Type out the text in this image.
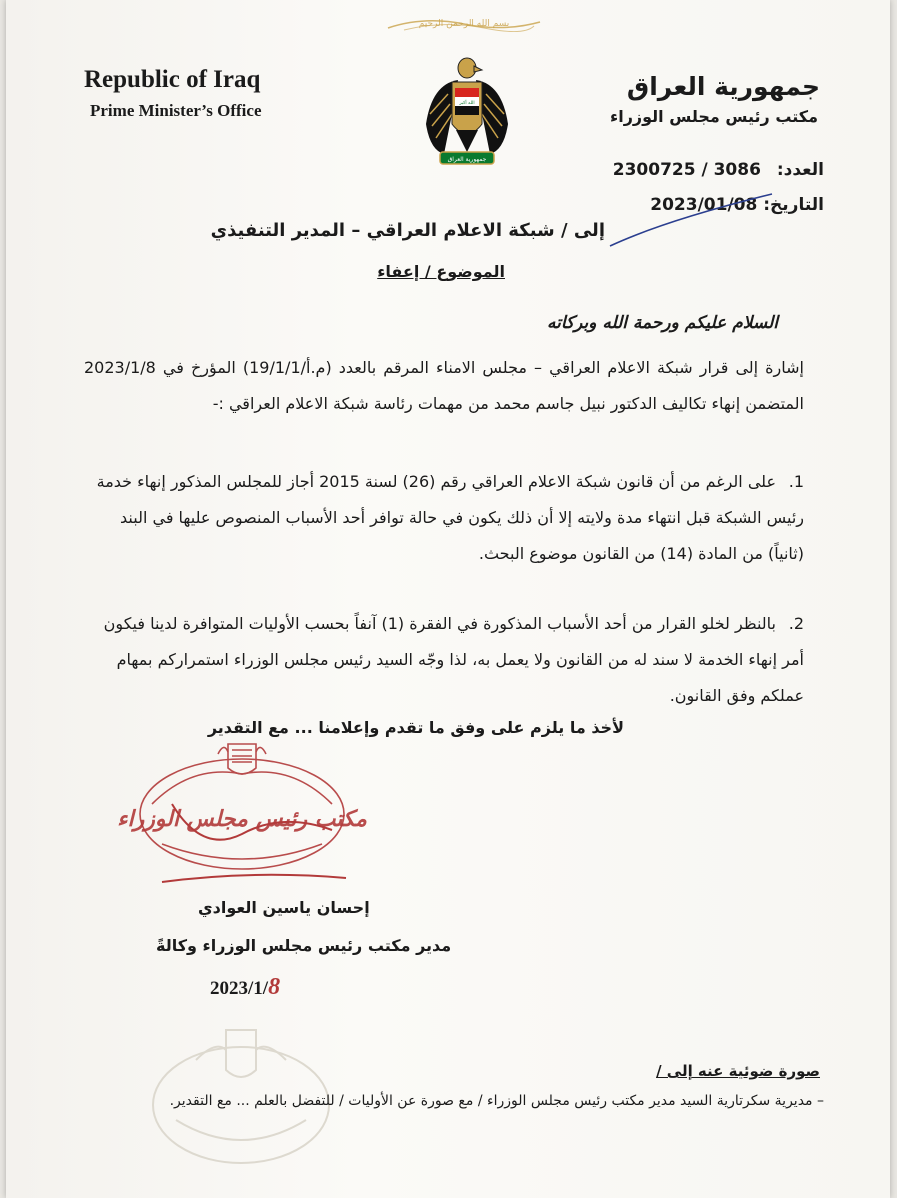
بسم الله الرحمن الرحيم
Republic of Iraq
Prime Minister’s Office
جمهورية العراق
مكتب رئيس مجلس الوزراء
الله أكبر
جمهورية العراق
العدد: 2300725 / 3086
التاريخ: 2023/01/08
إلى / شبكة الاعلام العراقي – المدير التنفيذي
الموضوع / إعفاء
السلام عليكم ورحمة الله وبركاته
إشارة إلى قرار شبكة الاعلام العراقي – مجلس الامناء المرقم بالعدد (م.أ/19/1/1) المؤرخ في 2023/1/8 المتضمن إنهاء تكاليف الدكتور نبيل جاسم محمد من مهمات رئاسة شبكة الاعلام العراقي :-
1.على الرغم من أن قانون شبكة الاعلام العراقي رقم (26) لسنة 2015 أجاز للمجلس المذكور إنهاء خدمة رئيس الشبكة قبل انتهاء مدة ولايته إلا أن ذلك يكون في حالة توافر أحد الأسباب المنصوص عليها في البند (ثانياً) من المادة (14) من القانون موضوع البحث.
2.بالنظر لخلو القرار من أحد الأسباب المذكورة في الفقرة (1) آنفاً بحسب الأوليات المتوافرة لدينا فيكون أمر إنهاء الخدمة لا سند له من القانون ولا يعمل به، لذا وجّه السيد رئيس مجلس الوزراء استمراركم بمهام عملكم وفق القانون.
لأخذ ما يلزم على وفق ما تقدم وإعلامنا ... مع التقدير
مكتب رئيس مجلس الوزراء
إحسان ياسين العوادي
مدير مكتب رئيس مجلس الوزراء وكالةً
2023/1/8
صورة ضوئية عنه إلى /
– مديرية سكرتارية السيد مدير مكتب رئيس مجلس الوزراء / مع صورة عن الأوليات / للتفضل بالعلم ... مع التقدير.
